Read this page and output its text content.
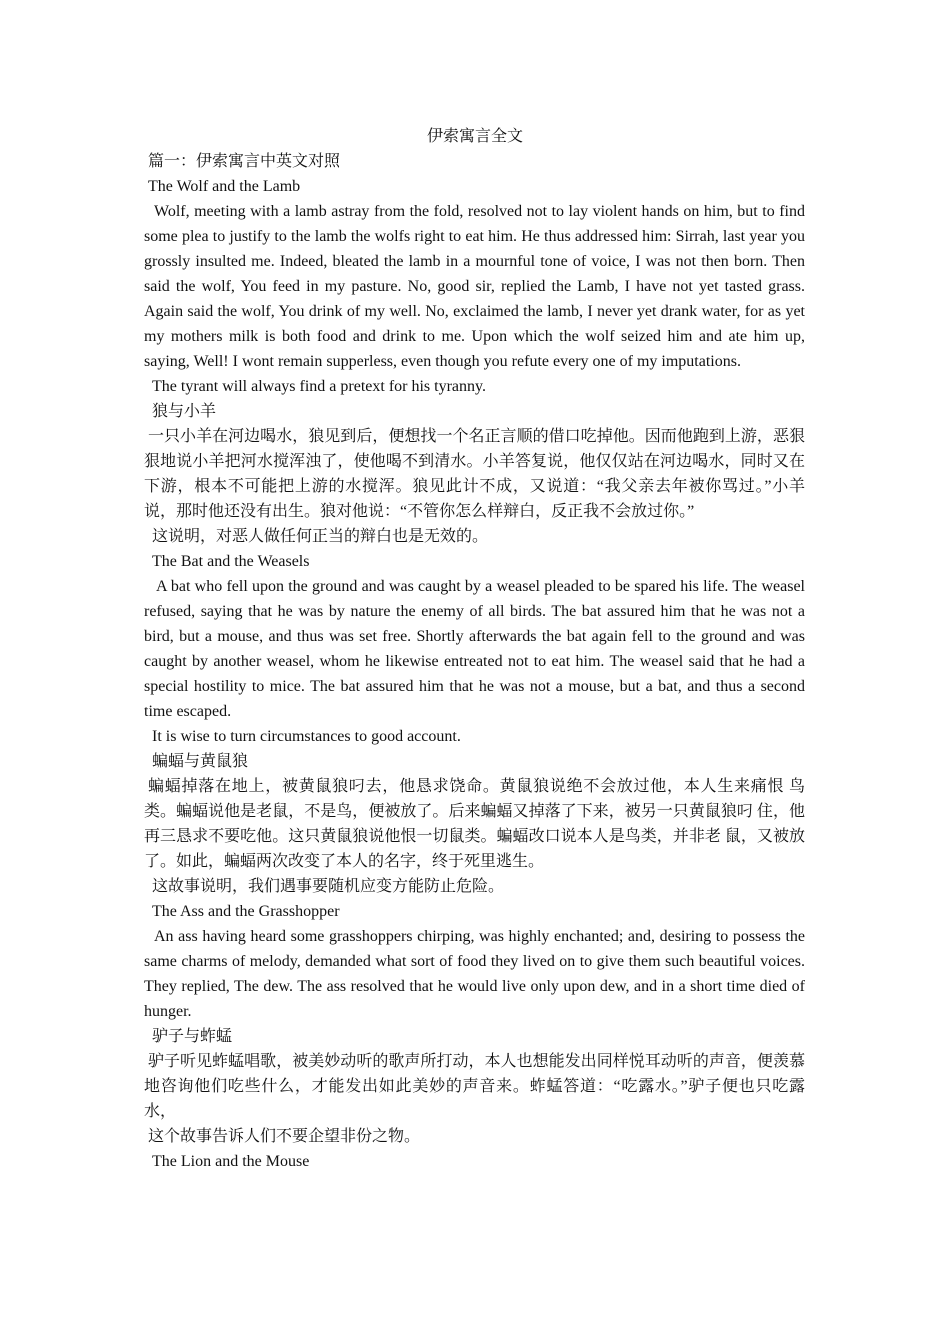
伊索寓言全文

篇一：伊索寓言中英文对照

The Wolf and the Lamb

Wolf, meeting with a lamb astray from the fold, resolved not to lay violent hands on him, but to find some plea to justify to the lamb the wolfs right to eat him. He thus addressed him: Sirrah, last year you grossly insulted me. Indeed, bleated the lamb in a mournful tone of voice, I was not then born. Then said the wolf, You feed in my pasture. No, good sir, replied the Lamb, I have not yet tasted grass. Again said the wolf, You drink of my well. No, exclaimed the lamb, I never yet drank water, for as yet my mothers milk is both food and drink to me. Upon which the wolf seized him and ate him up, saying, Well! I wont remain supperless, even though you refute every one of my imputations.

The tyrant will always find a pretext for his tyranny.

狼与小羊

一只小羊在河边喝水，狼见到后，便想找一个名正言顺的借口吃掉他。因而他跑到上游，恶狠狠地说小羊把河水搅浑浊了，使他喝不到清水。小羊答复说，他仅仅站在河边喝水，同时又在下游，根本不可能把上游的水搅浑。狼见此计不成，又说道：“我父亲去年被你骂过。”小羊说，那时他还没有出生。狼对他说：“不管你怎么样辩白，反正我不会放过你。”

这说明，对恶人做任何正当的辩白也是无效的。

The Bat and the Weasels

A bat who fell upon the ground and was caught by a weasel pleaded to be spared his life. The weasel refused, saying that he was by nature the enemy of all birds. The bat assured him that he was not a bird, but a mouse, and thus was set free. Shortly afterwards the bat again fell to the ground and was caught by another weasel, whom he likewise entreated not to eat him. The weasel said that he had a special hostility to mice. The bat assured him that he was not a mouse, but a bat, and thus a second time escaped.

It is wise to turn circumstances to good account.

蝙蝠与黄鼠狼

蝙蝠掉落在地上，被黄鼠狼叼去，他恳求饶命。黄鼠狼说绝不会放过他，本人生来痛恨 鸟类。蝙蝠说他是老鼠，不是鸟，便被放了。后来蝙蝠又掉落了下来，被另一只黄鼠狼叼 住，他再三恳求不要吃他。这只黄鼠狼说他恨一切鼠类。蝙蝠改口说本人是鸟类，并非老 鼠，又被放了。如此，蝙蝠两次改变了本人的名字，终于死里逃生。

这故事说明，我们遇事要随机应变方能防止危险。

The Ass and the Grasshopper

An ass having heard some grasshoppers chirping, was highly enchanted; and, desiring to possess the same charms of melody, demanded what sort of food they lived on to give them such beautiful voices. They replied, The dew. The ass resolved that he would live only upon dew, and in a short time died of hunger.

驴子与蚱蜢

驴子听见蚱蜢唱歌，被美妙动听的歌声所打动，本人也想能发出同样悦耳动听的声音，便羡慕地咨询他们吃些什么，才能发出如此美妙的声音来。蚱蜢答道：“吃露水。”驴子便也只吃露水，

这个故事告诉人们不要企望非份之物。

The Lion and the Mouse
